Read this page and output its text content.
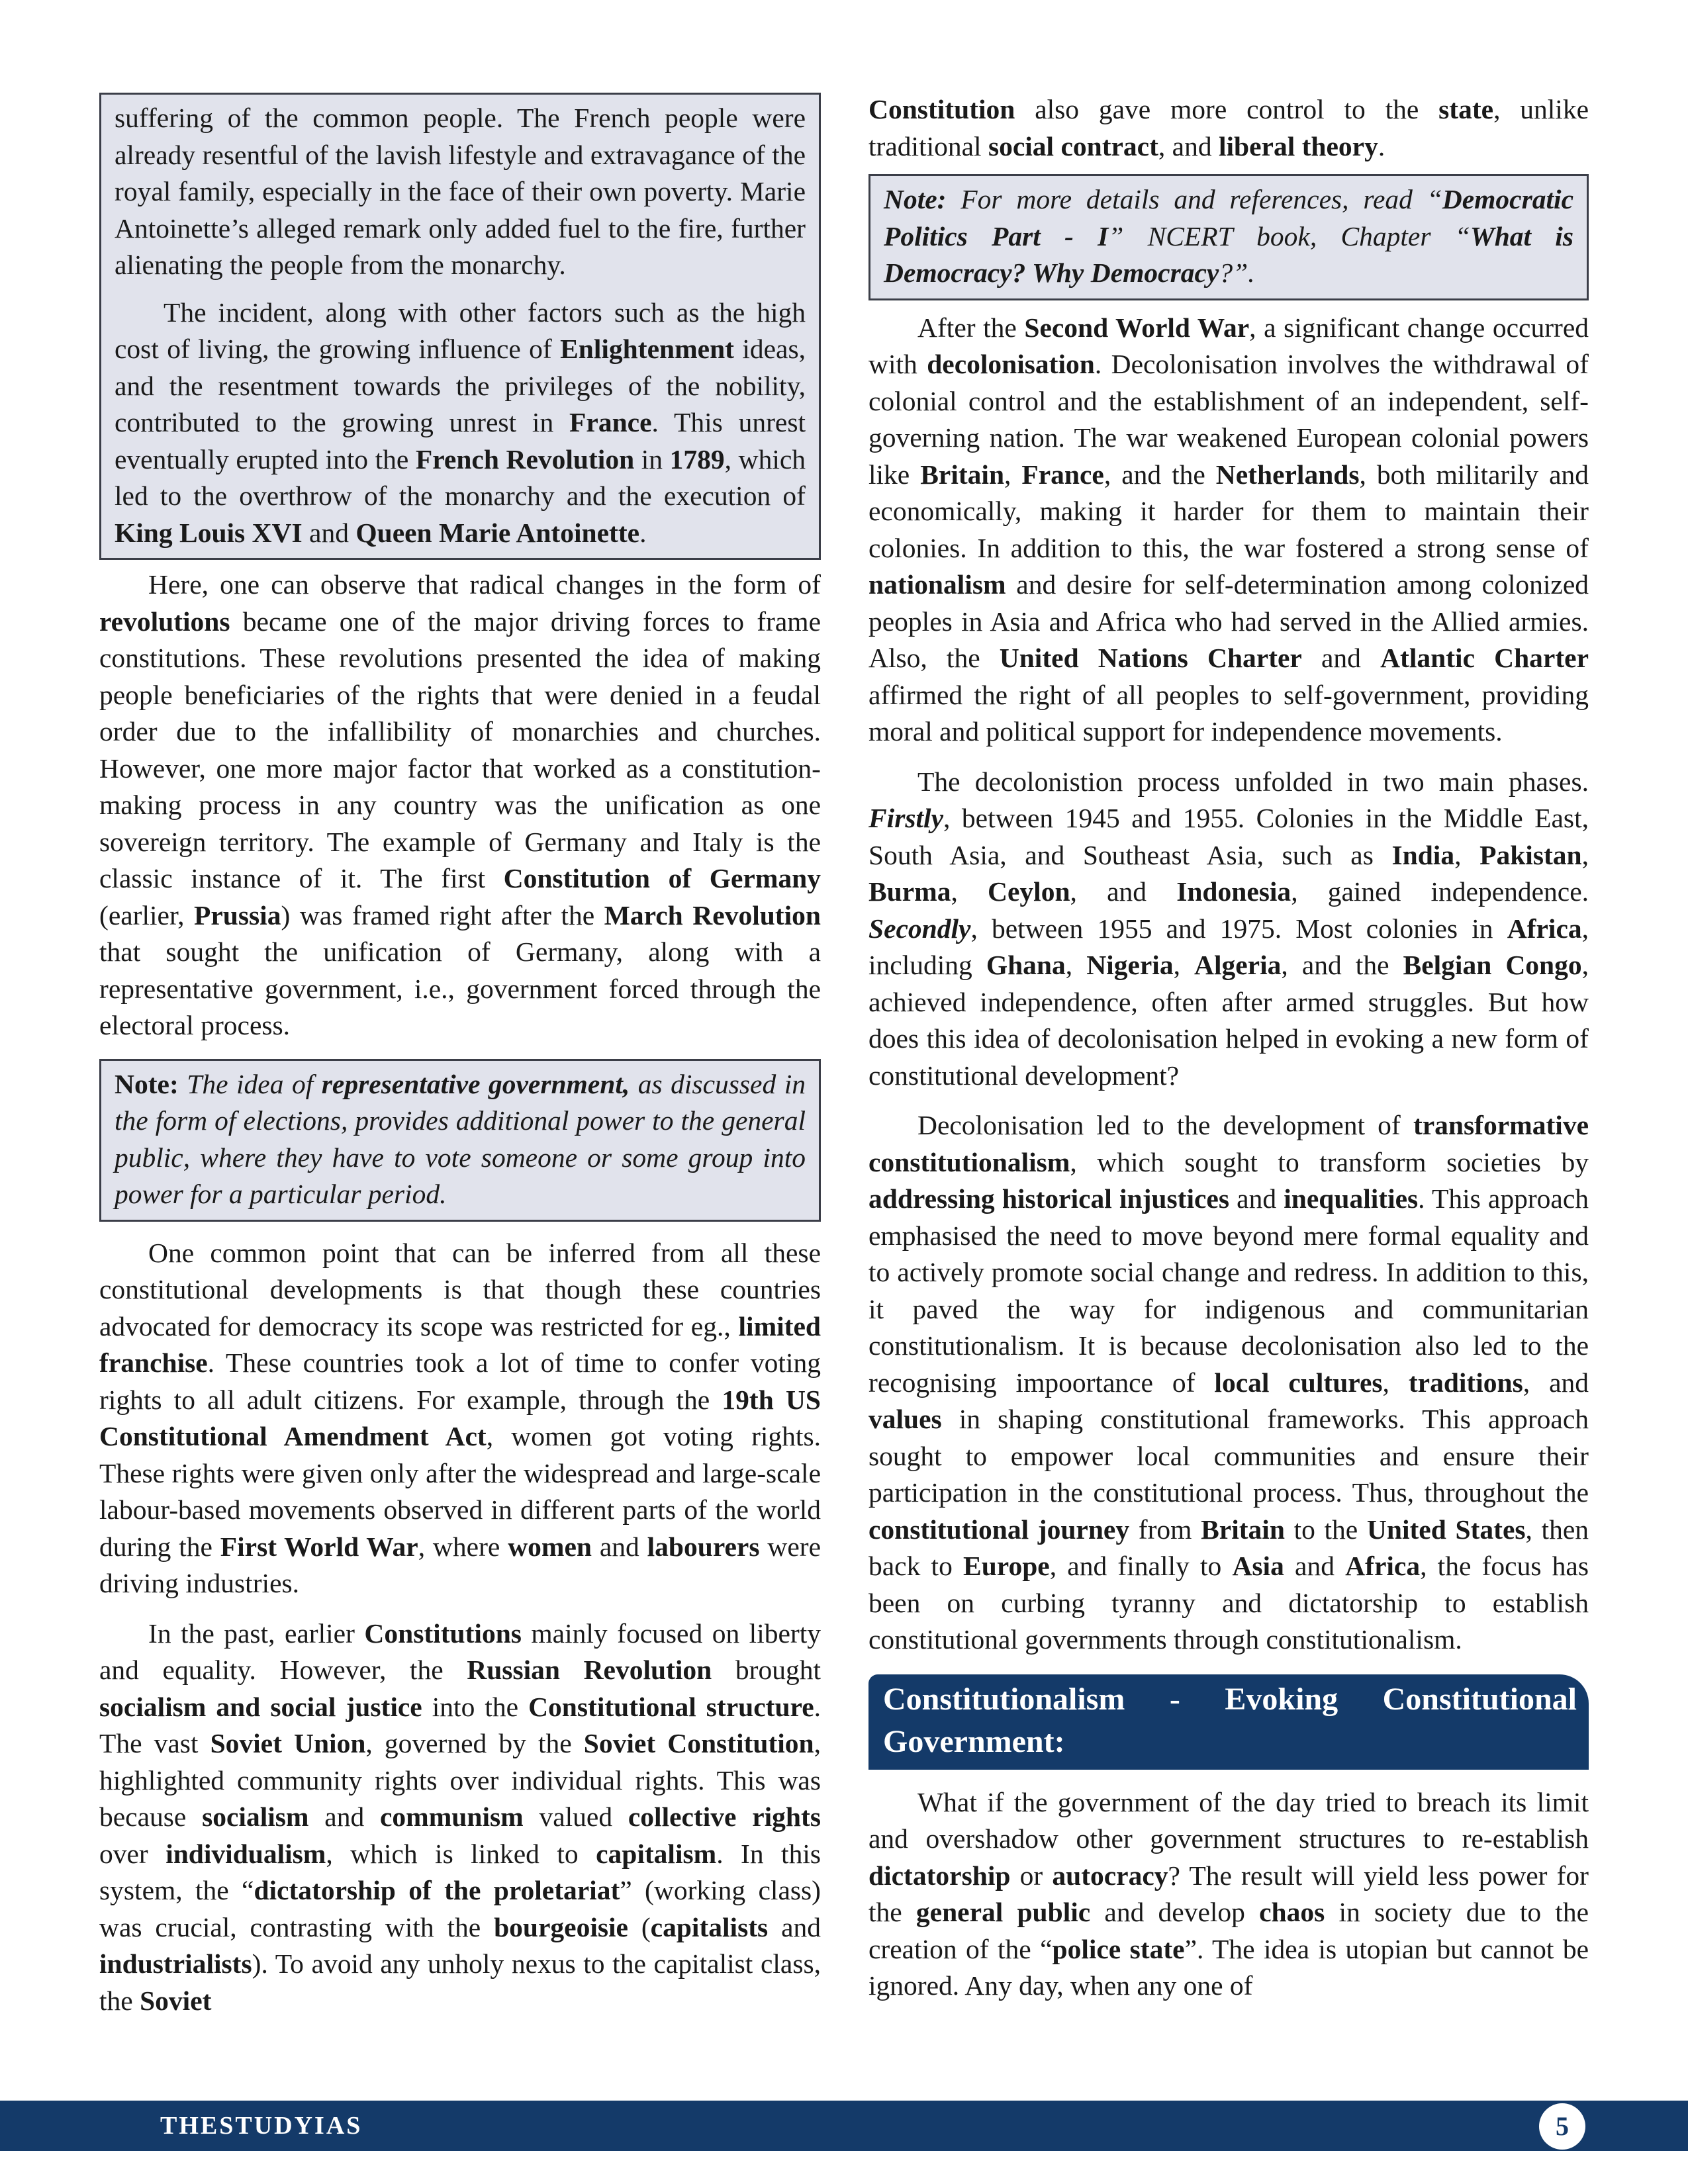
suffering of the common people. The French people were already resentful of the lavish lifestyle and extravagance of the royal family, especially in the face of their own poverty. Marie Antoinette’s alleged remark only added fuel to the fire, further alienating the people from the monarchy.

The incident, along with other factors such as the high cost of living, the growing influence of Enlightenment ideas, and the resentment towards the privileges of the nobility, contributed to the growing unrest in France. This unrest eventually erupted into the French Revolution in 1789, which led to the overthrow of the monarchy and the execution of King Louis XVI and Queen Marie Antoinette.

Here, one can observe that radical changes in the form of revolutions became one of the major driving forces to frame constitutions. These revolutions presented the idea of making people beneficiaries of the rights that were denied in a feudal order due to the infallibility of monarchies and churches. However, one more major factor that worked as a constitution-making process in any country was the unification as one sovereign territory. The example of Germany and Italy is the classic instance of it. The first Constitution of Germany (earlier, Prussia) was framed right after the March Revolution that sought the unification of Germany, along with a representative government, i.e., government forced through the electoral process.

Note: The idea of representative government, as discussed in the form of elections, provides additional power to the general public, where they have to vote someone or some group into power for a particular period.

One common point that can be inferred from all these constitutional developments is that though these countries advocated for democracy its scope was restricted for eg., limited franchise. These countries took a lot of time to confer voting rights to all adult citizens. For example, through the 19th US Constitutional Amendment Act, women got voting rights. These rights were given only after the widespread and large-scale labour-based movements observed in different parts of the world during the First World War, where women and labourers were driving industries.

In the past, earlier Constitutions mainly focused on liberty and equality. However, the Russian Revolution brought socialism and social justice into the Constitutional structure. The vast Soviet Union, governed by the Soviet Constitution, highlighted community rights over individual rights. This was because socialism and communism valued collective rights over individualism, which is linked to capitalism. In this system, the “dictatorship of the proletariat” (working class) was crucial, contrasting with the bourgeoisie (capitalists and industrialists). To avoid any unholy nexus to the capitalist class, the Soviet

Constitution also gave more control to the state, unlike traditional social contract, and liberal theory.

Note: For more details and references, read “Democratic Politics Part - I” NCERT book, Chapter “What is Democracy? Why Democracy?”.

After the Second World War, a significant change occurred with decolonisation. Decolonisation involves the withdrawal of colonial control and the establishment of an independent, self-governing nation. The war weakened European colonial powers like Britain, France, and the Netherlands, both militarily and economically, making it harder for them to maintain their colonies. In addition to this, the war fostered a strong sense of nationalism and desire for self-determination among colonized peoples in Asia and Africa who had served in the Allied armies. Also, the United Nations Charter and Atlantic Charter affirmed the right of all peoples to self-government, providing moral and political support for independence movements.

The decolonistion process unfolded in two main phases. Firstly, between 1945 and 1955. Colonies in the Middle East, South Asia, and Southeast Asia, such as India, Pakistan, Burma, Ceylon, and Indonesia, gained independence. Secondly, between 1955 and 1975. Most colonies in Africa, including Ghana, Nigeria, Algeria, and the Belgian Congo, achieved independence, often after armed struggles. But how does this idea of decolonisation helped in evoking a new form of constitutional development?

Decolonisation led to the development of transformative constitutionalism, which sought to transform societies by addressing historical injustices and inequalities. This approach emphasised the need to move beyond mere formal equality and to actively promote social change and redress. In addition to this, it paved the way for indigenous and communitarian constitutionalism. It is because decolonisation also led to the recognising impoortance of local cultures, traditions, and values in shaping constitutional frameworks. This approach sought to empower local communities and ensure their participation in the constitutional process. Thus, throughout the constitutional journey from Britain to the United States, then back to Europe, and finally to Asia and Africa, the focus has been on curbing tyranny and dictatorship to establish constitutional governments through constitutionalism.

Constitutionalism - Evoking Constitutional Government:

What if the government of the day tried to breach its limit and overshadow other government structures to re-establish dictatorship or autocracy? The result will yield less power for the general public and develop chaos in society due to the creation of the “police state”. The idea is utopian but cannot be ignored. Any day, when any one of

THESTUDYIAS	5
